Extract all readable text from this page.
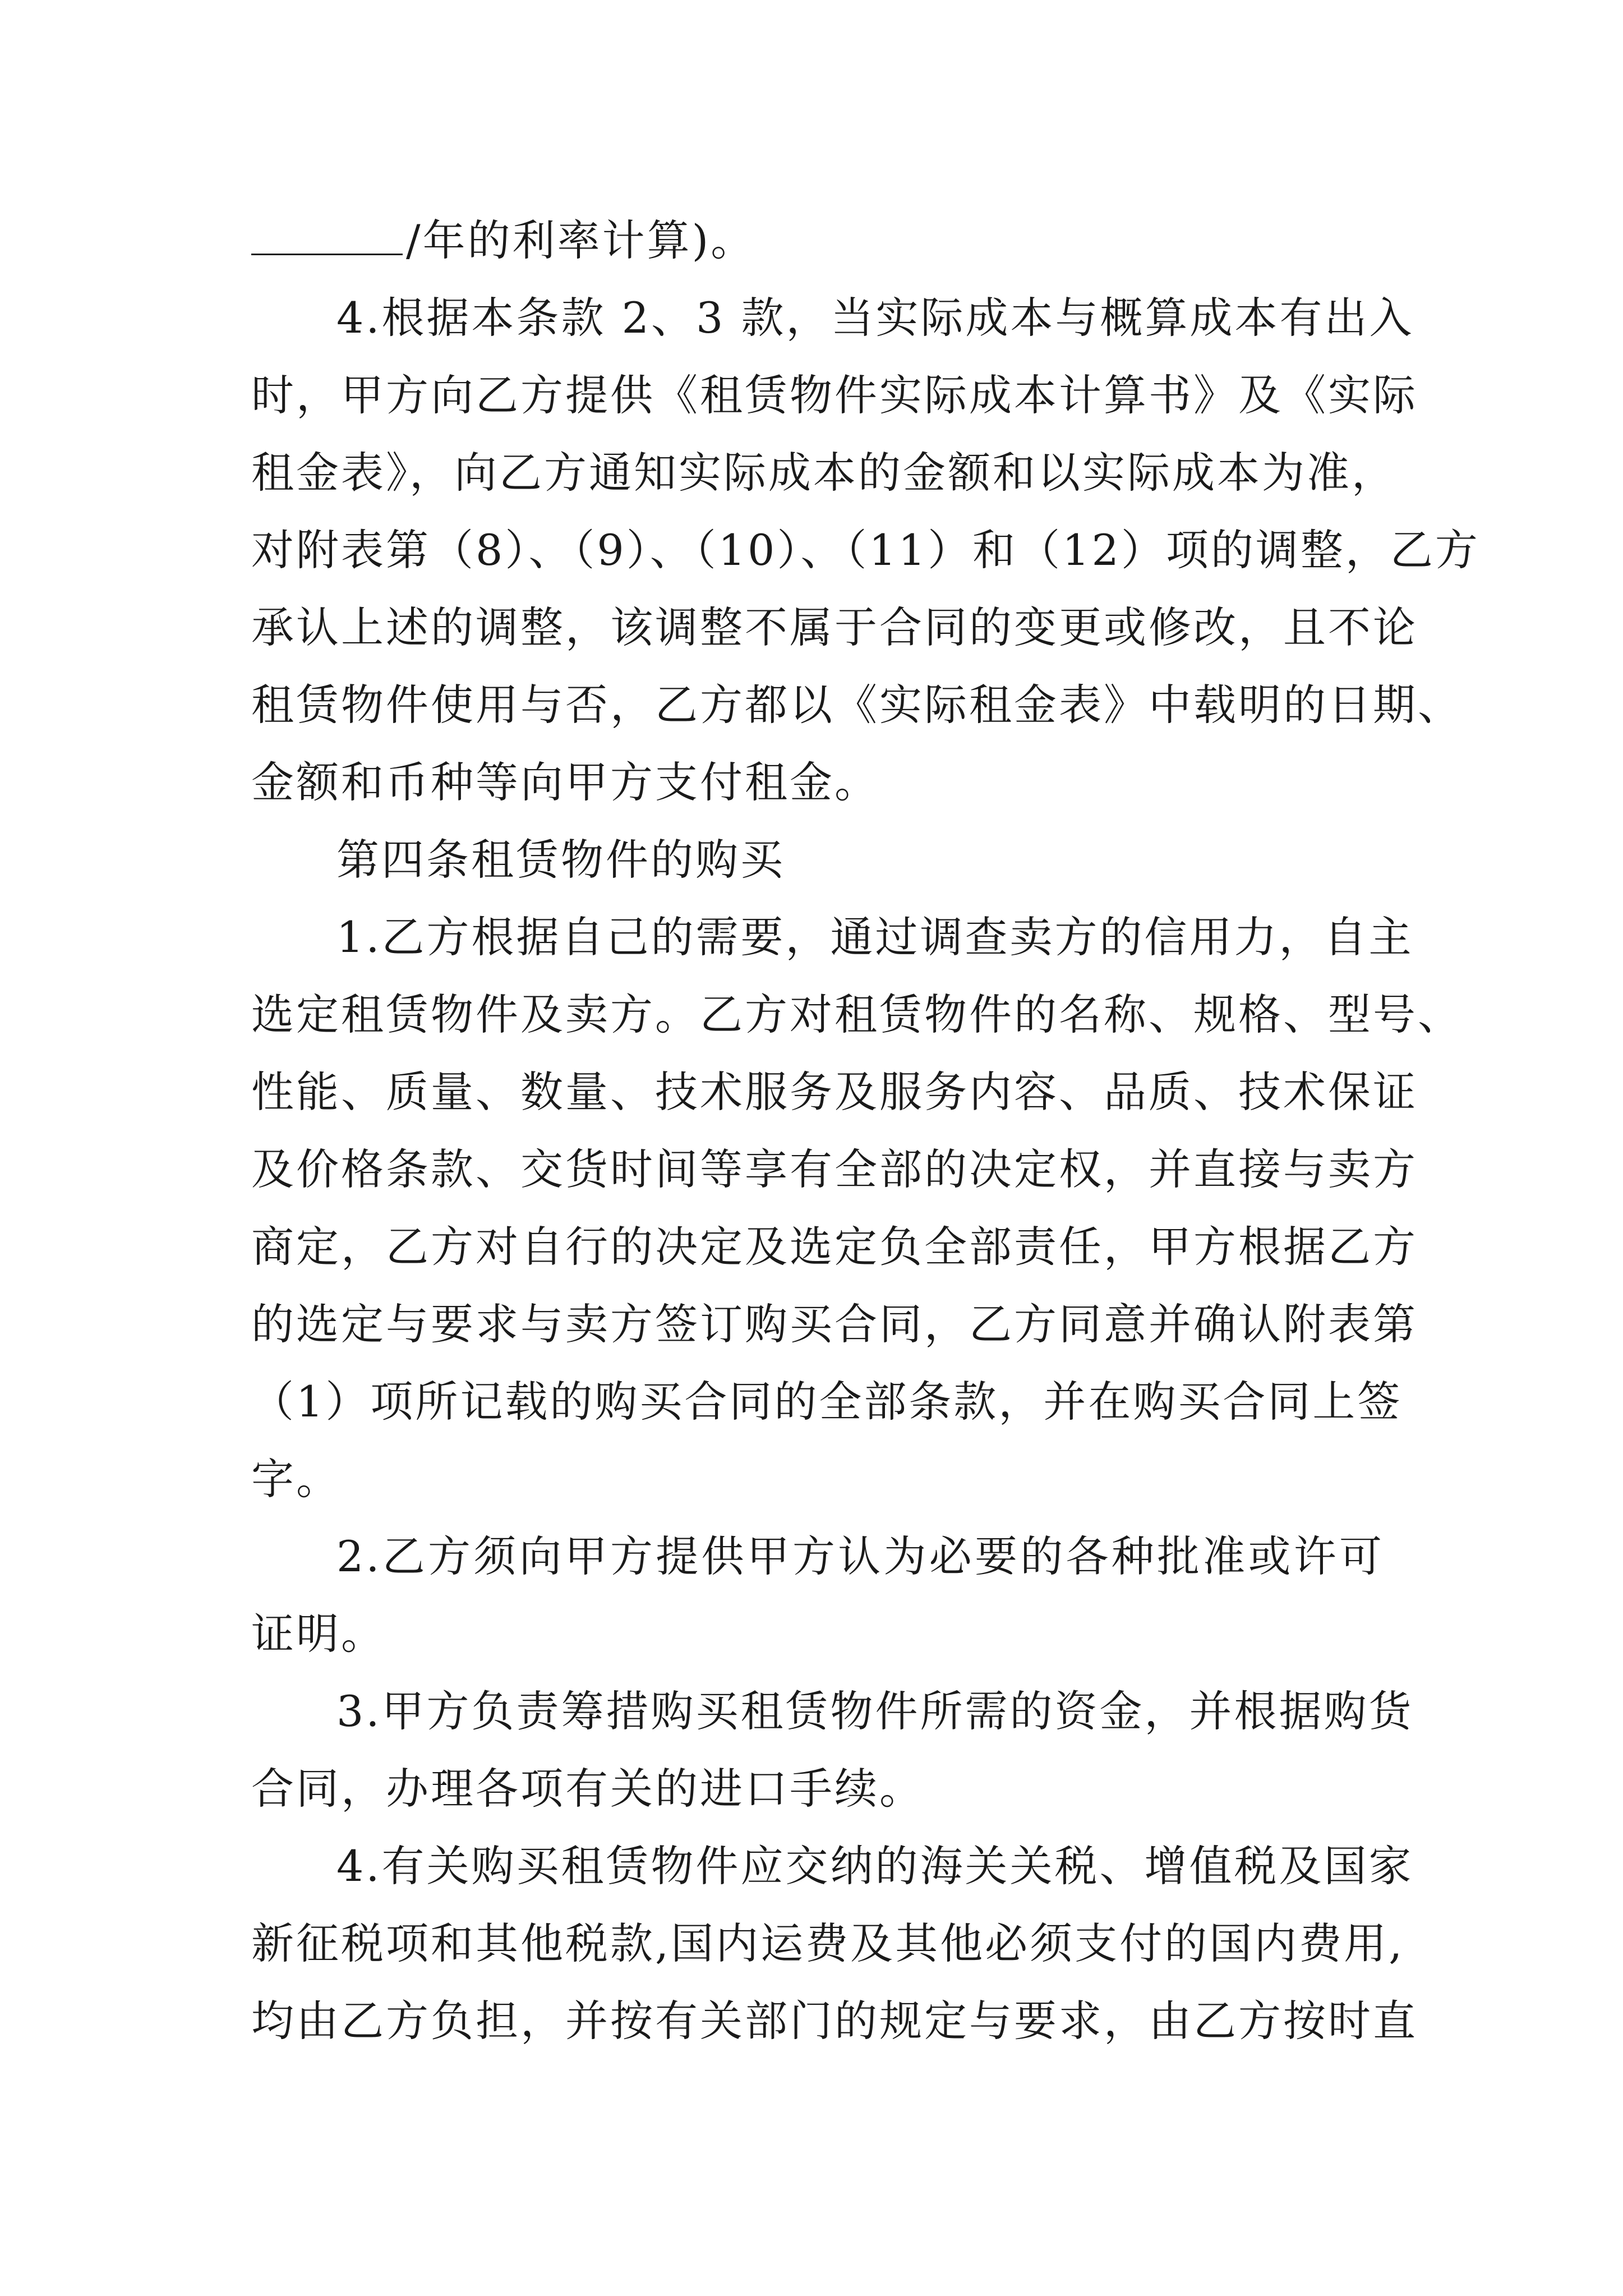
/年的利率计算)。
4.根据本条款 2、3 款，当实际成本与概算成本有出入
时，甲方向乙方提供《租赁物件实际成本计算书》及《实际
租金表》，向乙方通知实际成本的金额和以实际成本为准，
对附表第（8）、（9）、（10）、（11）和（12）项的调整，乙方
承认上述的调整，该调整不属于合同的变更或修改，且不论
租赁物件使用与否，乙方都以《实际租金表》中载明的日期、
金额和币种等向甲方支付租金。
第四条租赁物件的购买
1.乙方根据自己的需要，通过调查卖方的信用力，自主
选定租赁物件及卖方。乙方对租赁物件的名称、规格、型号、
性能、质量、数量、技术服务及服务内容、品质、技术保证
及价格条款、交货时间等享有全部的决定权，并直接与卖方
商定，乙方对自行的决定及选定负全部责任，甲方根据乙方
的选定与要求与卖方签订购买合同，乙方同意并确认附表第
（1）项所记载的购买合同的全部条款，并在购买合同上签
字。
2.乙方须向甲方提供甲方认为必要的各种批准或许可
证明。
3.甲方负责筹措购买租赁物件所需的资金，并根据购货
合同，办理各项有关的进口手续。
4.有关购买租赁物件应交纳的海关关税、增值税及国家
新征税项和其他税款,国内运费及其他必须支付的国内费用,
均由乙方负担，并按有关部门的规定与要求，由乙方按时直
